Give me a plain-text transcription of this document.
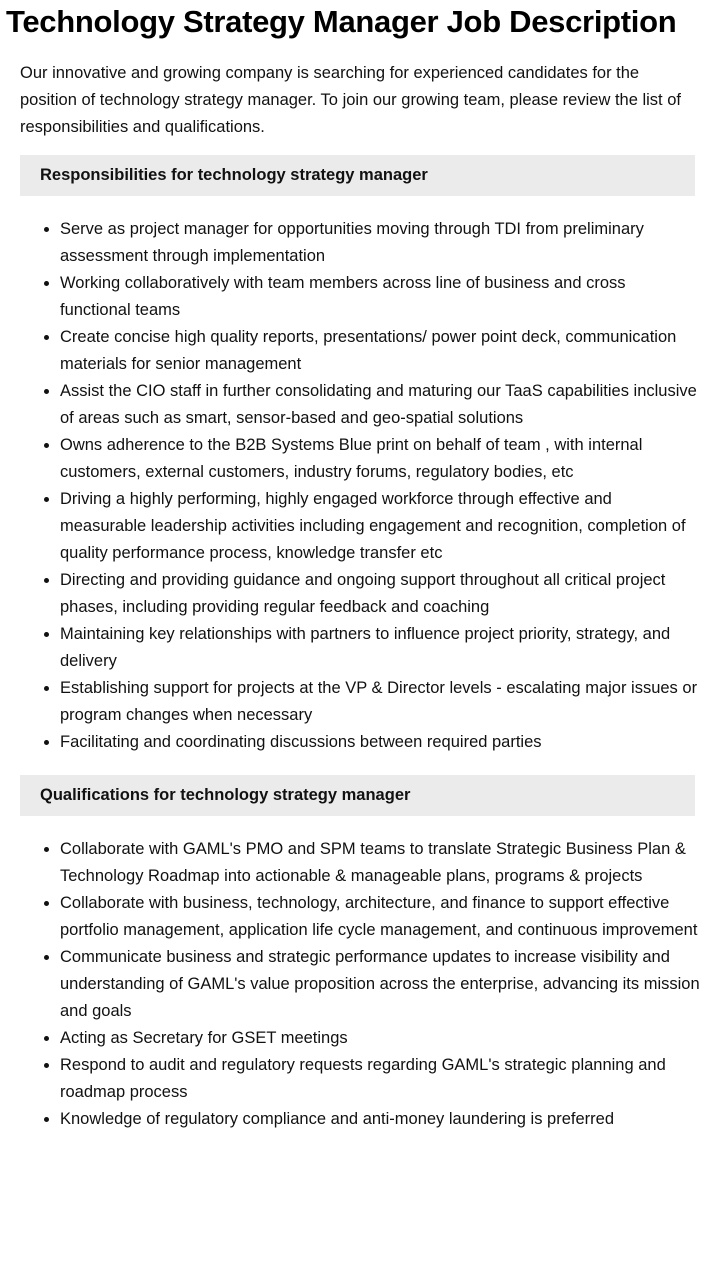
Technology Strategy Manager Job Description

Our innovative and growing company is searching for experienced candidates for the position of technology strategy manager. To join our growing team, please review the list of responsibilities and qualifications.

Responsibilities for technology strategy manager
• Serve as project manager for opportunities moving through TDI from preliminary assessment through implementation
• Working collaboratively with team members across line of business and cross functional teams
• Create concise high quality reports, presentations/ power point deck, communication materials for senior management
• Assist the CIO staff in further consolidating and maturing our TaaS capabilities inclusive of areas such as smart, sensor-based and geo-spatial solutions
• Owns adherence to the B2B Systems Blue print on behalf of team , with internal customers, external customers, industry forums, regulatory bodies, etc
• Driving a highly performing, highly engaged workforce through effective and measurable leadership activities including engagement and recognition, completion of quality performance process, knowledge transfer etc
• Directing and providing guidance and ongoing support throughout all critical project phases, including providing regular feedback and coaching
• Maintaining key relationships with partners to influence project priority, strategy, and delivery
• Establishing support for projects at the VP & Director levels - escalating major issues or program changes when necessary
• Facilitating and coordinating discussions between required parties
Qualifications for technology strategy manager
• Collaborate with GAML's PMO and SPM teams to translate Strategic Business Plan & Technology Roadmap into actionable & manageable plans, programs & projects
• Collaborate with business, technology, architecture, and finance to support effective portfolio management, application life cycle management, and continuous improvement
• Communicate business and strategic performance updates to increase visibility and understanding of GAML's value proposition across the enterprise, advancing its mission and goals
• Acting as Secretary for GSET meetings
• Respond to audit and regulatory requests regarding GAML's strategic planning and roadmap process
• Knowledge of regulatory compliance and anti-money laundering is preferred
